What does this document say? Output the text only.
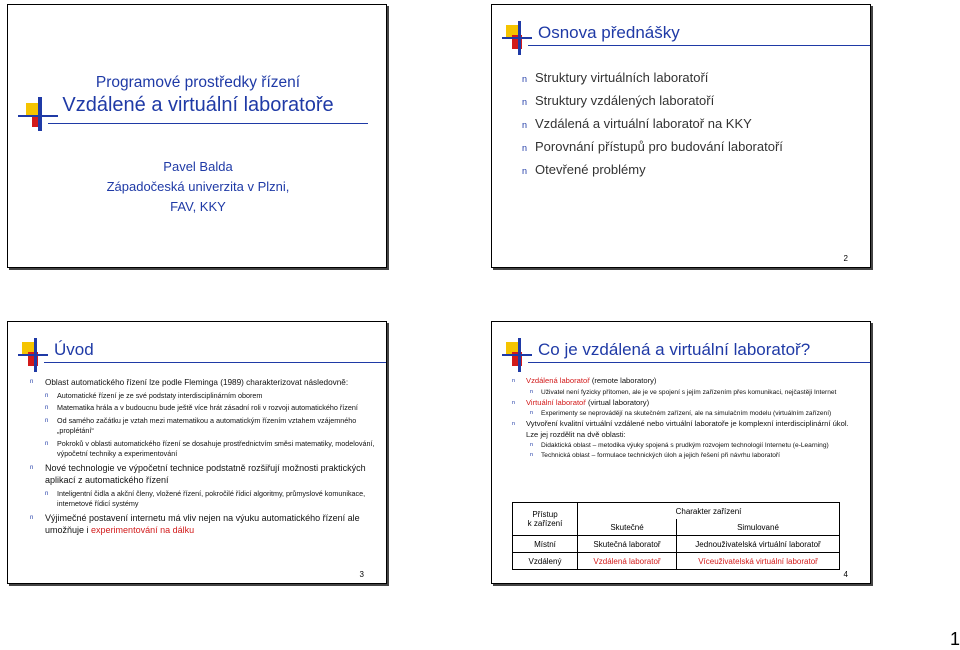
Programové prostředky řízení
Vzdálené a virtuální laboratoře
Pavel Balda
Západočeská univerzita v Plzni,
FAV, KKY
Osnova přednášky
n Struktury virtuálních laboratoří
n Struktury vzdálených laboratoří
n Vzdálená a virtuální laboratoř na KKY
n Porovnání přístupů pro budování laboratoří
n Otevřené problémy
2
Úvod
n Oblast automatického řízení lze podle Fleminga (1989) charakterizovat následovně:
n Automatické řízení je ze své podstaty interdisciplinárním oborem
n Matematika hrála a v budoucnu bude ještě více hrát zásadní roli v rozvoji automatického řízení
n Od samého začátku je vztah mezi matematikou a automatickým řízením vztahem vzájemného „proplétání“
n Pokroků v oblasti automatického řízení se dosahuje prostřednictvím směsi matematiky, modelování, výpočetní techniky a experimentování
n Nové technologie ve výpočetní technice podstatně rozšiřují možnosti praktických aplikací z automatického řízení
n Inteligentní čidla a akční členy, vložené řízení, pokročilé řídicí algoritmy, průmyslové komunikace, internetové řídicí systémy
n Výjimečné postavení internetu má vliv nejen na výuku automatického řízení ale umožňuje i experimentování na dálku
3
Co je vzdálená a virtuální laboratoř?
n Vzdálená laboratoř (remote laboratory)
n Uživatel není fyzicky přítomen, ale je ve spojení s jejím zařízením přes komunikaci, nejčastěji Internet
n Virtuální laboratoř (virtual laboratory)
n Experimenty se neprovádějí na skutečném zařízení, ale na simulačním modelu (virtuálním zařízení)
n Vytvoření kvalitní virtuální vzdálené nebo virtuální laboratoře je komplexní interdisciplinární úkol. Lze jej rozdělit na dvě oblasti:
n Didaktická oblast – metodika výuky spojená s prudkým rozvojem technologií Internetu (e-Learning)
n Technická oblast – formulace technických úloh a jejich řešení při návrhu laboratoří
Přístup
k zařízení	Charakter zařízení	
	Skutečné	Simulované
Místní	Skutečná laboratoř	Jednouživatelská virtuální laboratoř
Vzdálený	Vzdálená laboratoř	Víceuživatelská virtuální laboratoř
4
1
